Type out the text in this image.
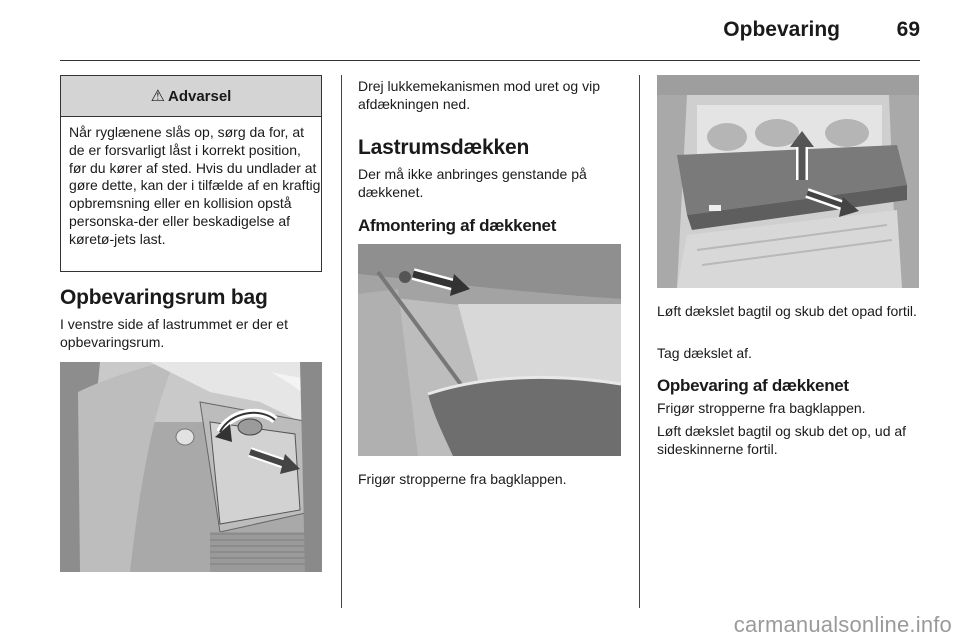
Opbevaring	69
⚠ Advarsel
Når ryglænene slås op, sørg da for, at de er forsvarligt låst i korrekt position, før du kører af sted. Hvis du undlader at gøre dette, kan der i tilfælde af en kraftig opbremsning eller en kollision opstå personska-der eller beskadigelse af køretø-jets last.
Opbevaringsrum bag
I venstre side af lastrummet er der et opbevaringsrum.
Drej lukkemekanismen mod uret og vip afdækningen ned.
Lastrumsdækken
Der må ikke anbringes genstande på dækkenet.
Afmontering af dækkenet
Frigør stropperne fra bagklappen.
Løft dækslet bagtil og skub det opad fortil.
Tag dækslet af.
Opbevaring af dækkenet
Frigør stropperne fra bagklappen.
Løft dækslet bagtil og skub det op, ud af sideskinnerne fortil.
carmanualsonline.info
